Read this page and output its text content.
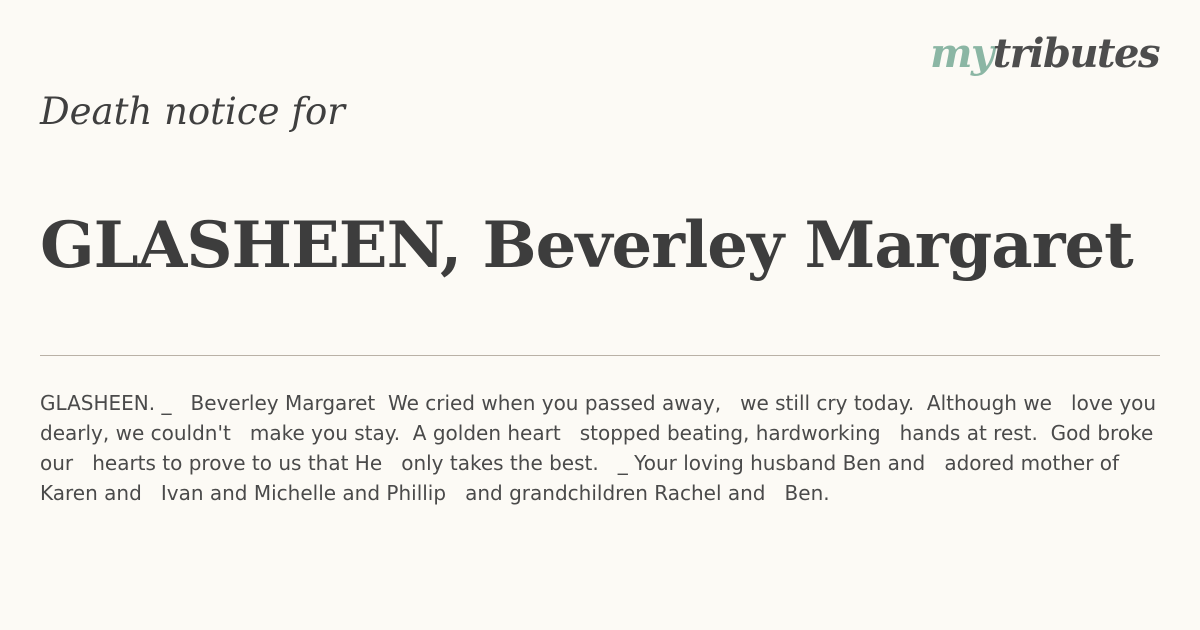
mytributes
Death notice for
GLASHEEN, Beverley Margaret

GLASHEEN. _   Beverley Margaret  We cried when you passed away,   we still cry today.  Although we   love you dearly, we couldn't   make you stay.  A golden heart   stopped beating, hardworking   hands at rest.  God broke our   hearts to prove to us that He   only takes the best.   _ Your loving husband Ben and   adored mother of Karen and   Ivan and Michelle and Phillip   and grandchildren Rachel and   Ben.
